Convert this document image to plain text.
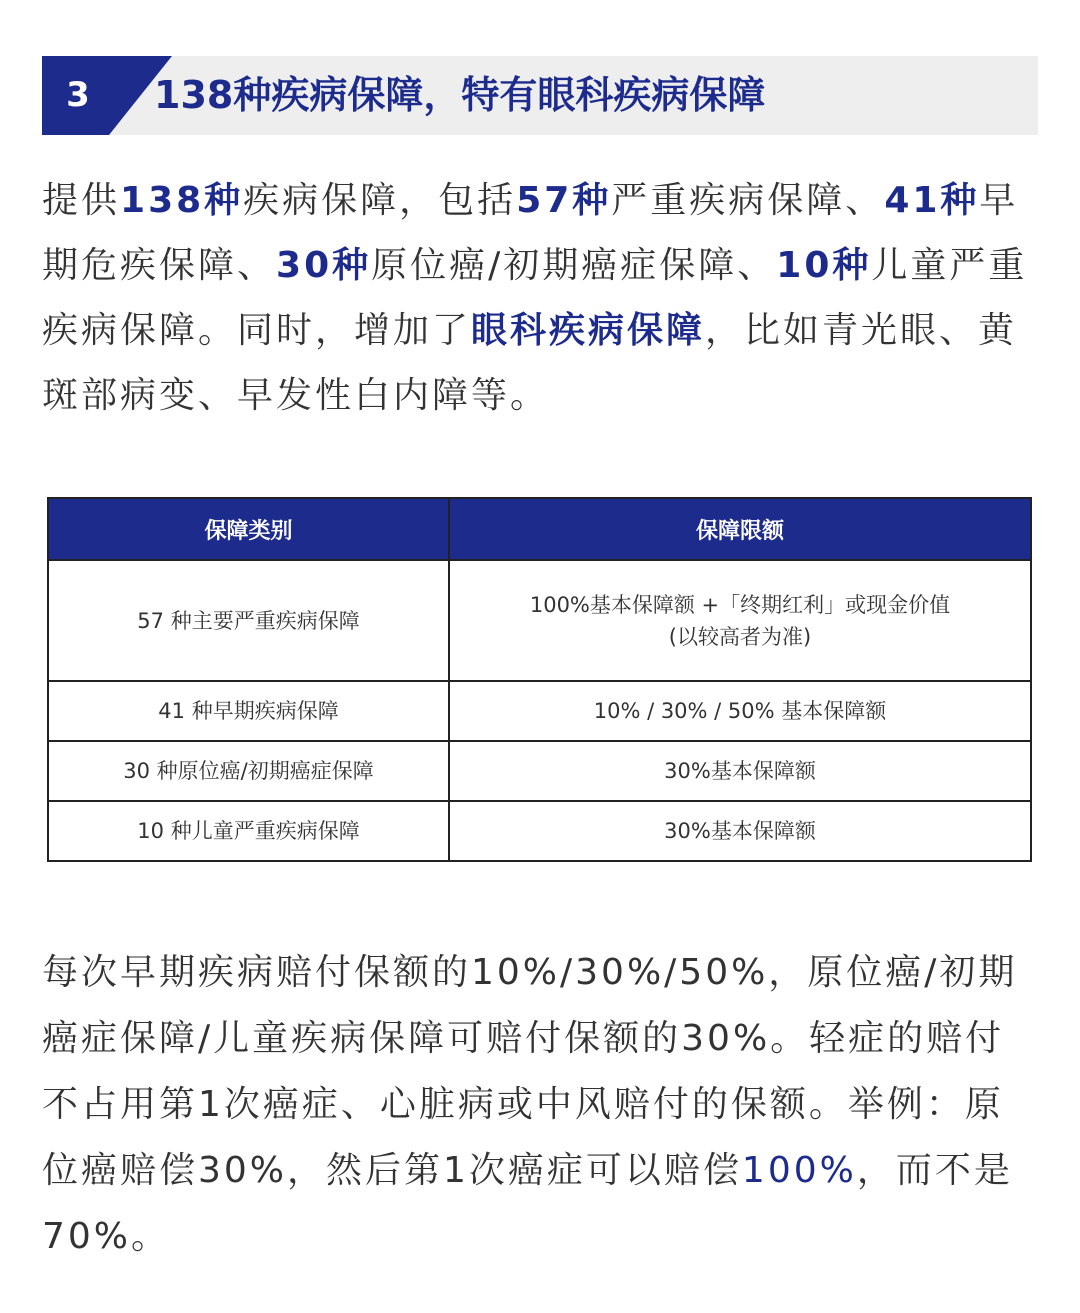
3	138种疾病保障，特有眼科疾病保障

提供138种疾病保障，包括57种严重疾病保障、41种早期危疾保障、30种原位癌/初期癌症保障、10种儿童严重疾病保障。同时，增加了眼科疾病保障，比如青光眼、黄斑部病变、早发性白内障等。

保障类别	保障限额
57 种主要严重疾病保障	100%基本保障额 +「终期红利」或现金价值
(以较高者为准)

41 种早期疾病保障	10% / 30% / 50% 基本保障额
30 种原位癌/初期癌症保障	30%基本保障额
10 种儿童严重疾病保障	30%基本保障额

每次早期疾病赔付保额的10%/30%/50%，原位癌/初期癌症保障/儿童疾病保障可赔付保额的30%。轻症的赔付不占用第1次癌症、心脏病或中风赔付的保额。举例：原位癌赔偿30%，然后第1次癌症可以赔偿100%，而不是70%。
